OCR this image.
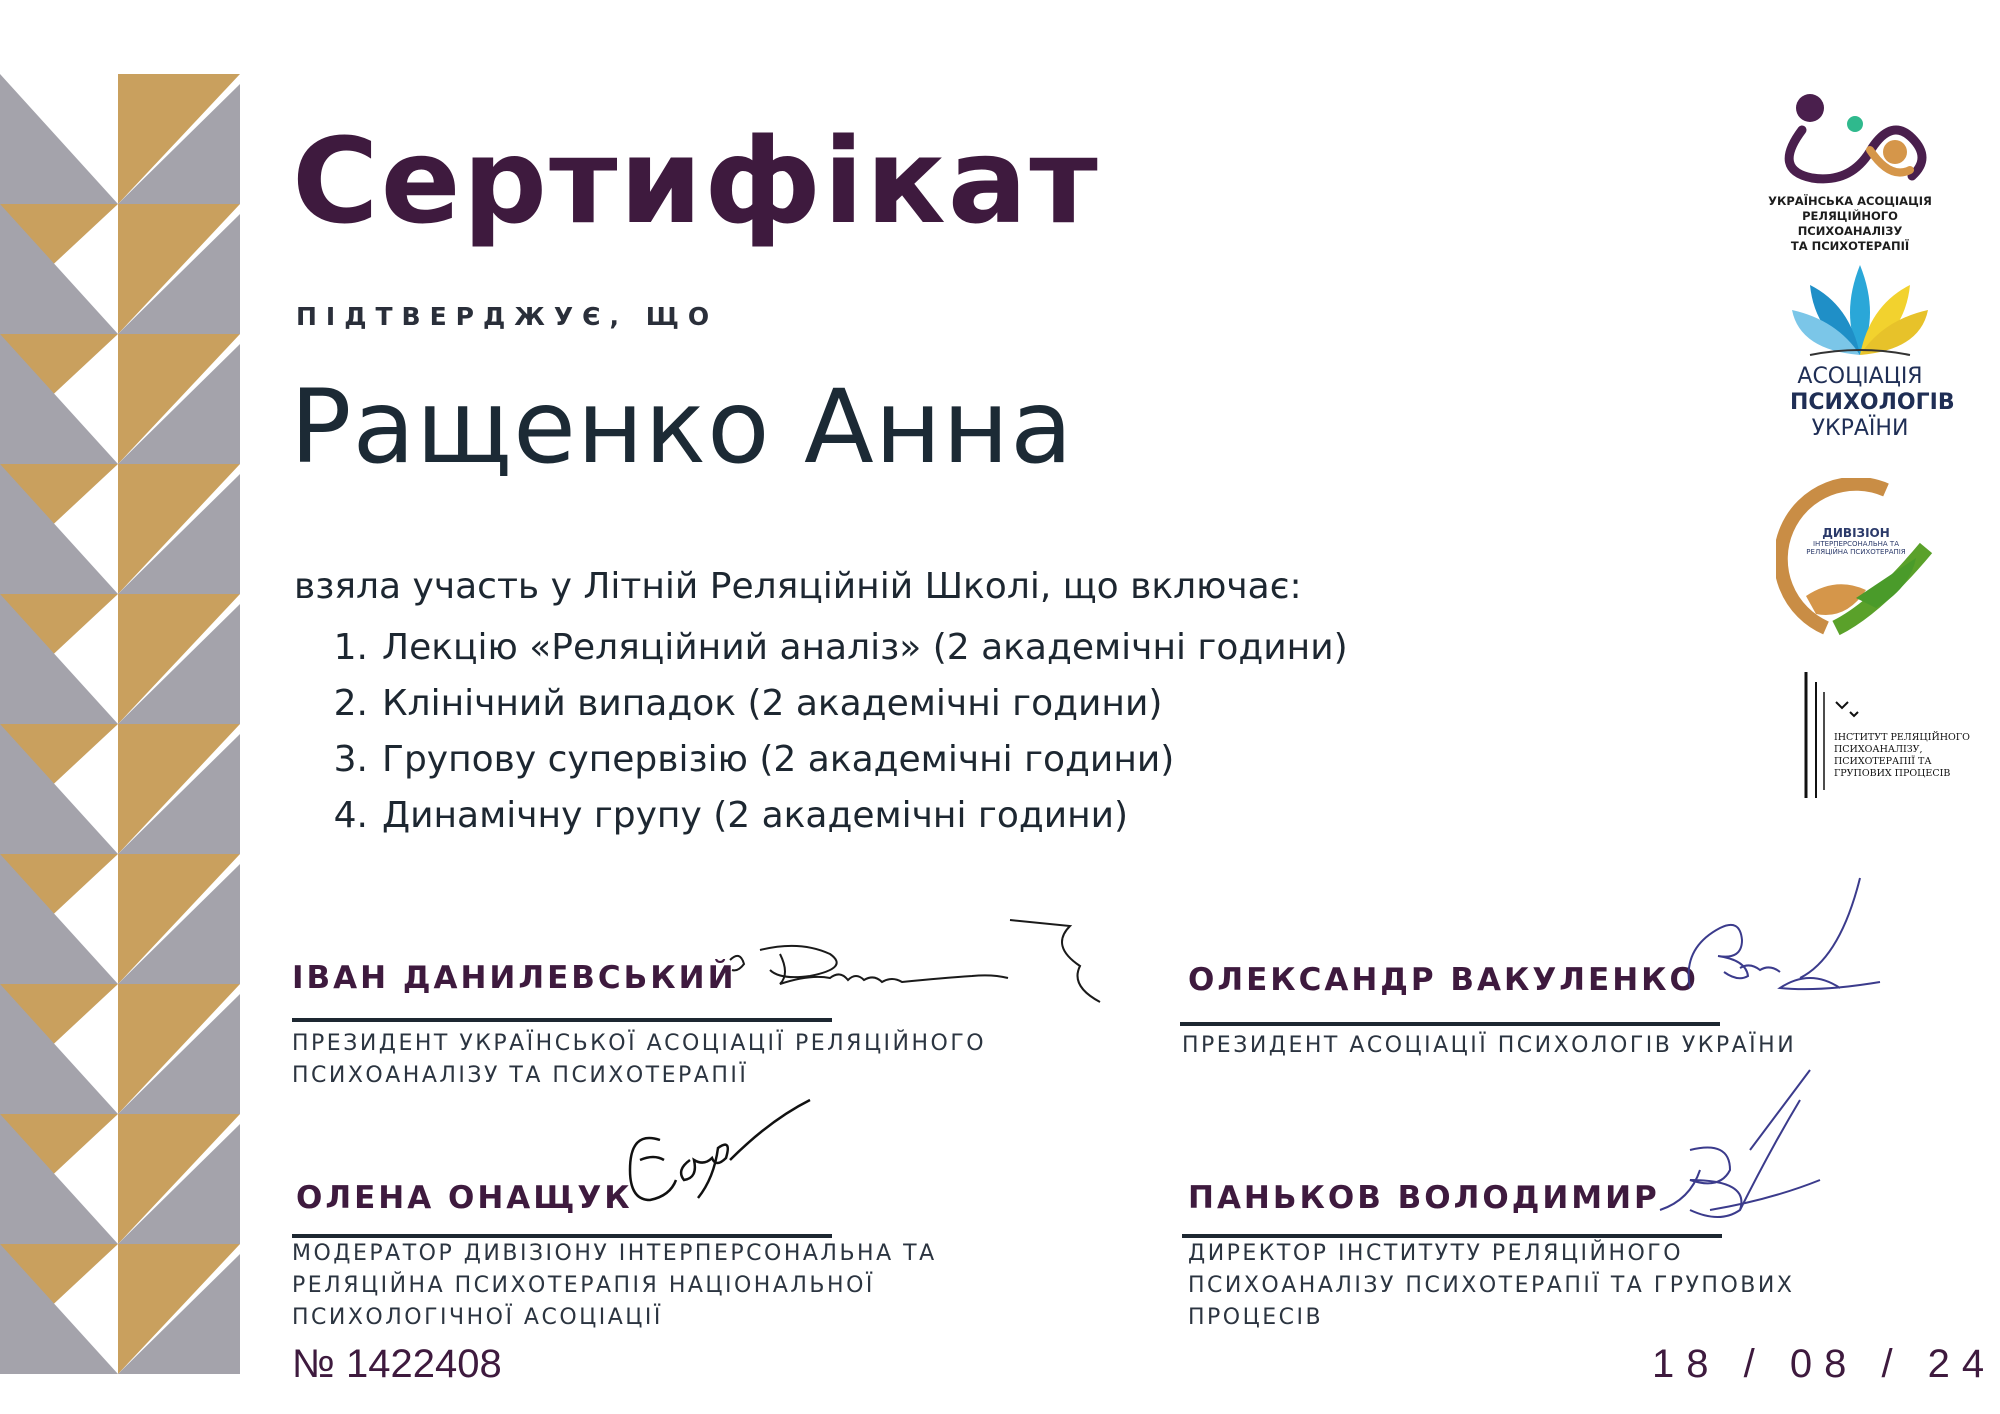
Сертифікат
ПІДТВЕРДЖУЄ, ЩО
Ращенко Анна
взяла участь у Літній Реляційній Школі, що включає:
1. Лекцію «Реляційний аналіз» (2 академічні години)
2. Клінічний випадок (2 академічні години)
3. Групову супервізію (2 академічні години)
4. Динамічну групу (2 академічні години)
ІВАН ДАНИЛЕВСЬКИЙ
ПРЕЗИДЕНТ УКРАЇНСЬКОЇ АСОЦІАЦІЇ РЕЛЯЦІЙНОГО
ПСИХОАНАЛІЗУ ТА ПСИХОТЕРАПІЇ
ОЛЕКСАНДР ВАКУЛЕНКО
ПРЕЗИДЕНТ АСОЦІАЦІЇ ПСИХОЛОГІВ УКРАЇНИ
ОЛЕНА ОНАЩУК
МОДЕРАТОР ДИВІЗІОНУ ІНТЕРПЕРСОНАЛЬНА ТА
РЕЛЯЦІЙНА ПСИХОТЕРАПІЯ НАЦІОНАЛЬНОЇ
ПСИХОЛОГІЧНОЇ АСОЦІАЦІЇ
ПАНЬКОВ ВОЛОДИМИР
ДИРЕКТОР ІНСТИТУТУ РЕЛЯЦІЙНОГО
ПСИХОАНАЛІЗУ ПСИХОТЕРАПІЇ ТА ГРУПОВИХ
ПРОЦЕСІВ
№ 1422408	18 / 08 / 24
УКРАЇНСЬКА АСОЦІАЦІЯ
РЕЛЯЦІЙНОГО ПСИХОАНАЛІЗУ
ТА ПСИХОТЕРАПІЇ
АСОЦІАЦІЯ
ПСИХОЛОГІВ
УКРАЇНИ
ДИВІЗІОН
ІНТЕРПЕРСОНАЛЬНА ТА
РЕЛЯЦІЙНА ПСИХОТЕРАПІЯ
ІНСТИТУТ РЕЛЯЦІЙНОГО
ПСИХОАНАЛІЗУ,
ПСИХОТЕРАПІЇ ТА
ГРУПОВИХ ПРОЦЕСІВ
